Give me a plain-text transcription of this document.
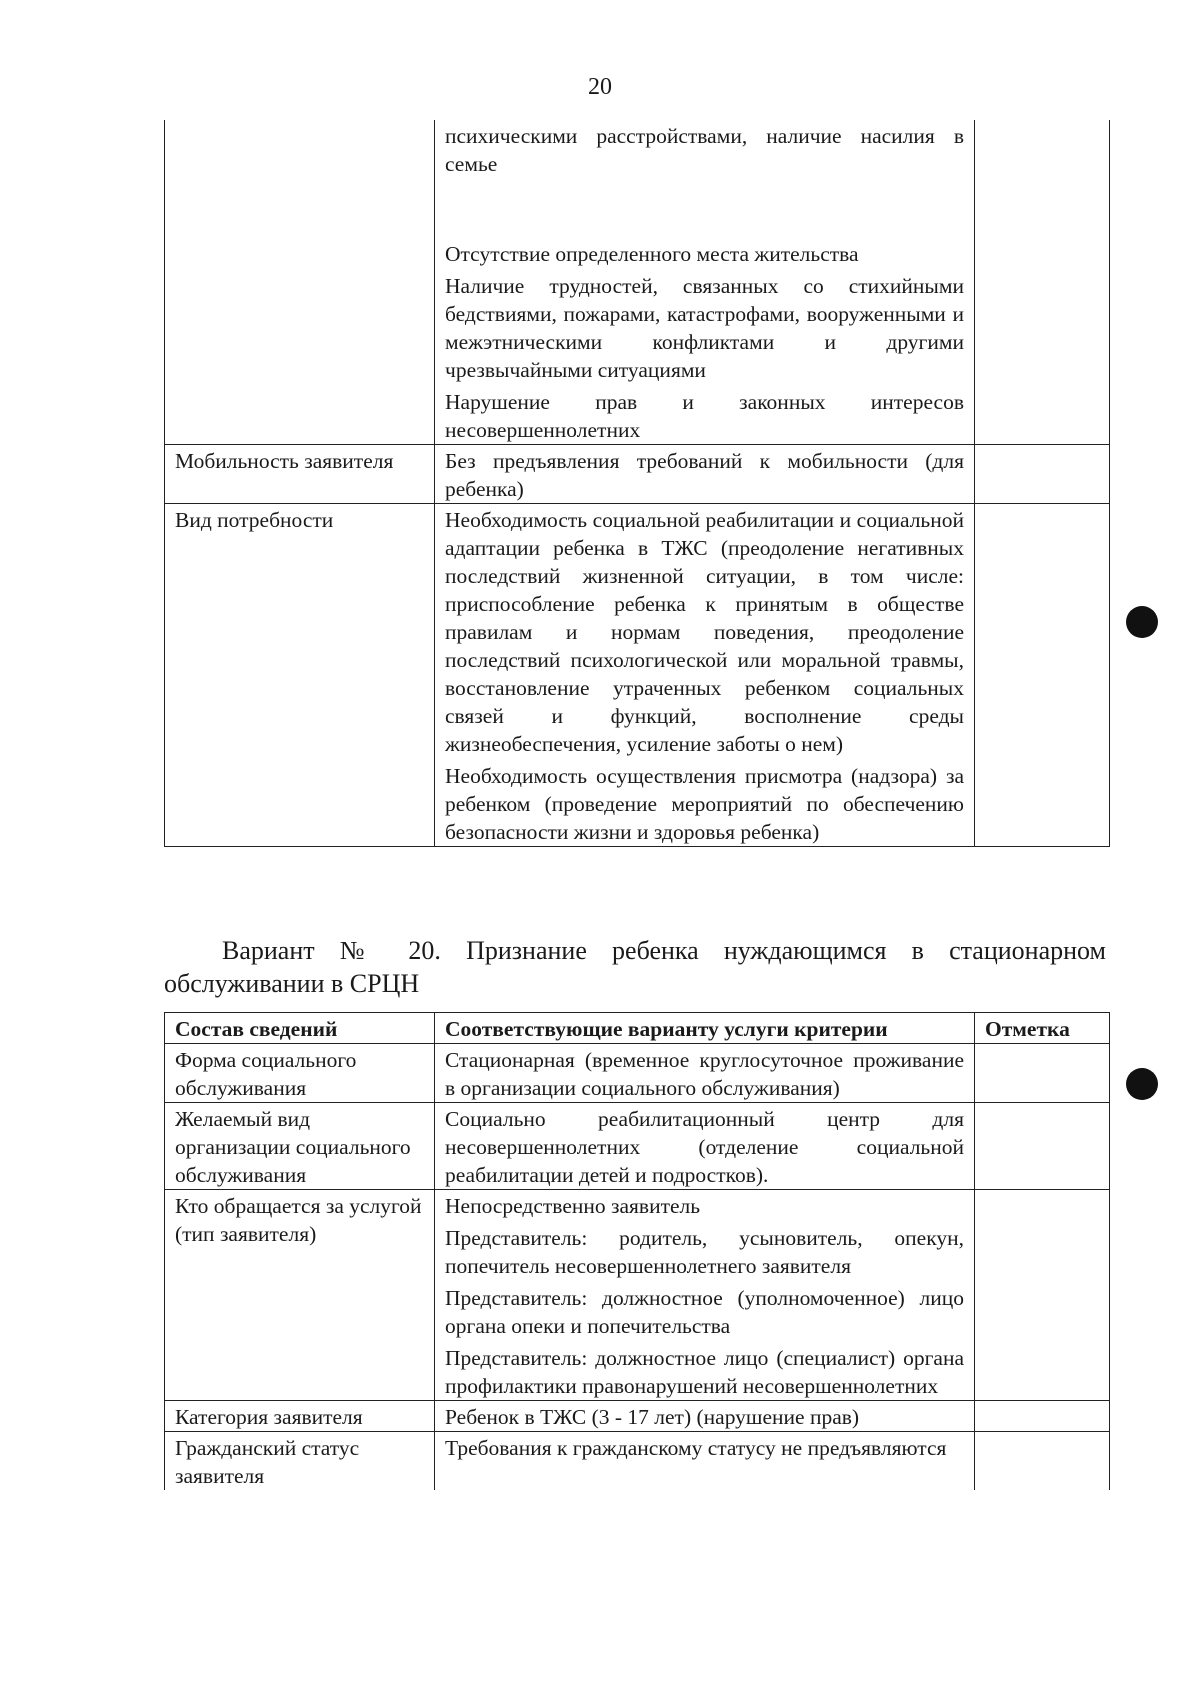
20

	психическими расстройствами, наличие насилия в семье
Отсутствие определенного места жительства
Наличие трудностей, связанных со стихийными бедствиями, пожарами, катастрофами, вооруженными и межэтническими конфликтами и другими чрезвычайными ситуациями
Нарушение прав и законных интересов несовершеннолетних	

Мобильность заявителя	Без предъявления требований к мобильности (для ребенка)	

Вид потребности	Необходимость социальной реабилитации и социальной адаптации ребенка в ТЖС (преодоление негативных последствий жизненной ситуации, в том числе: приспособление ребенка к принятым в обществе правилам и нормам поведения, преодоление последствий психологической или моральной травмы, восстановление утраченных ребенком социальных связей и функций, восполнение среды жизнеобеспечения, усиление заботы о нем)
Необходимость осуществления присмотра (надзора) за ребенком (проведение мероприятий по обеспечению безопасности жизни и здоровья ребенка)	

Вариант № 20. Признание ребенка нуждающимся в стационарном обслуживании в СРЦН
Состав сведений	Соответствующие варианту услуги критерии	Отметка
Форма социального обслуживания	Стационарная (временное круглосуточное проживание в организации социального обслуживания)	

Желаемый вид организации социального обслуживания	Социально реабилитационный центр для несовершеннолетних (отделение социальной реабилитации детей и подростков).	

Кто обращается за услугой (тип заявителя)	Непосредственно заявитель
Представитель: родитель, усыновитель, опекун, попечитель несовершеннолетнего заявителя
Представитель: должностное (уполномоченное) лицо органа опеки и попечительства
Представитель: должностное лицо (специалист) органа профилактики правонарушений несовершеннолетних	

Категория заявителя	Ребенок в ТЖС (3 - 17 лет) (нарушение прав)	

Гражданский статус заявителя	Требования к гражданскому статусу не предъявляются	
